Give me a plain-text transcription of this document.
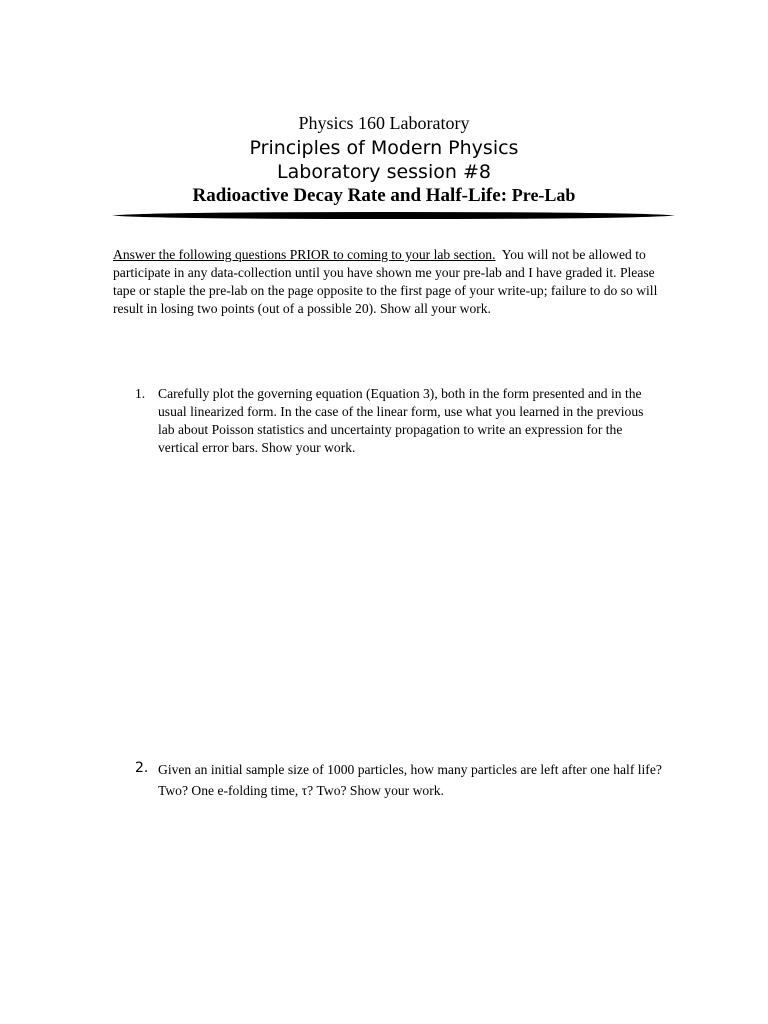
Physics 160 Laboratory
Principles of Modern Physics
Laboratory session #8
Radioactive Decay Rate and Half-Life: Pre-Lab
Answer the following questions PRIOR to coming to your lab section. You will not be allowed to participate in any data-collection until you have shown me your pre-lab and I have graded it. Please tape or staple the pre-lab on the page opposite to the first page of your write-up; failure to do so will result in losing two points (out of a possible 20). Show all your work.
1. Carefully plot the governing equation (Equation 3), both in the form presented and in the usual linearized form. In the case of the linear form, use what you learned in the previous lab about Poisson statistics and uncertainty propagation to write an expression for the vertical error bars. Show your work.
2. Given an initial sample size of 1000 particles, how many particles are left after one half life? Two? One e-folding time, τ? Two? Show your work.
